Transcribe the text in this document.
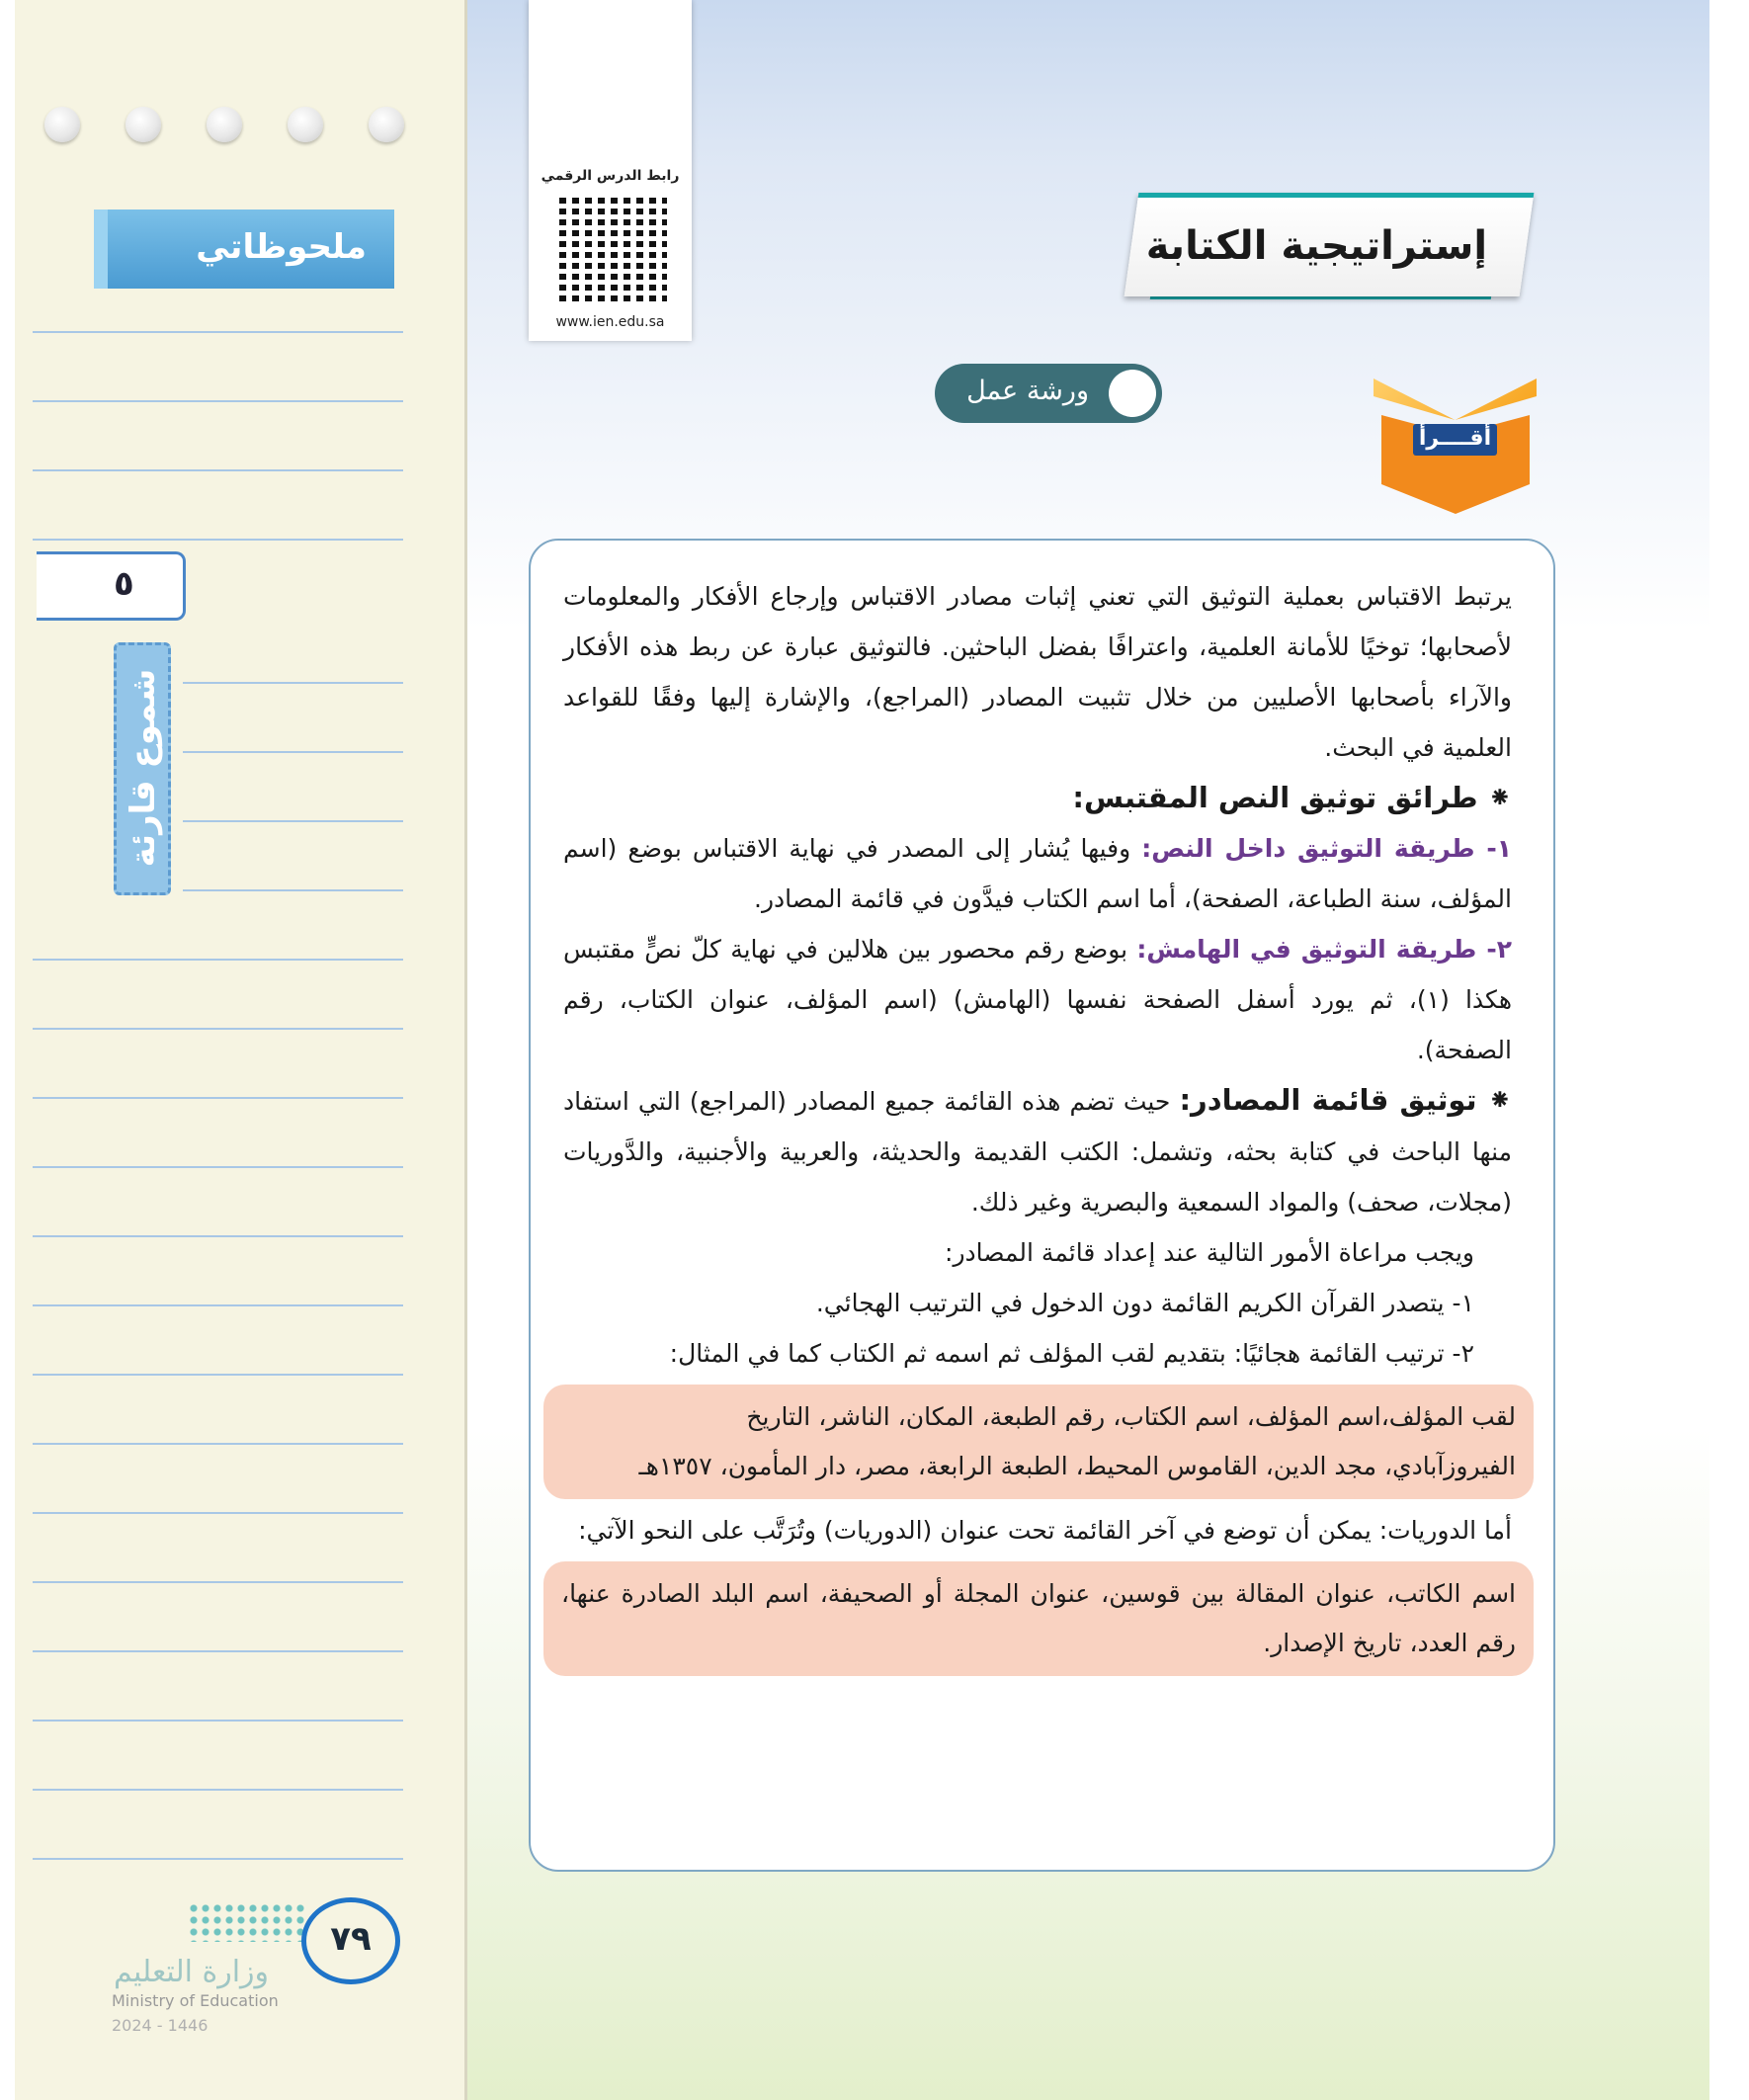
ملحوظاتي
٥
شموع قارئة
٧٩
وزارة التعليم
Ministry of Education
2024 - 1446
رابط الدرس الرقمي
www.ien.edu.sa
إستراتيجية الكتابة
ورشة عمل
أقــــرأ

يرتبط الاقتباس بعملية التوثيق التي تعني إثبات مصادر الاقتباس وإرجاع الأفكار والمعلومات لأصحابها؛ توخيًا للأمانة العلمية، واعترافًا بفضل الباحثين. فالتوثيق عبارة عن ربط هذه الأفكار والآراء بأصحابها الأصليين من خلال تثبيت المصادر (المراجع)، والإشارة إليها وفقًا للقواعد العلمية في البحث.

⁕ طرائق توثيق النص المقتبس:

١- طريقة التوثيق داخل النص: وفيها يُشار إلى المصدر في نهاية الاقتباس بوضع (اسم المؤلف، سنة الطباعة، الصفحة)، أما اسم الكتاب فيدَّون في قائمة المصادر.

٢- طريقة التوثيق في الهامش: بوضع رقم محصور بين هلالين في نهاية كلّ نصٍّ مقتبس هكذا (١)، ثم يورد أسفل الصفحة نفسها (الهامش) (اسم المؤلف، عنوان الكتاب، رقم الصفحة).

⁕ توثيق قائمة المصادر: حيث تضم هذه القائمة جميع المصادر (المراجع) التي استفاد منها الباحث في كتابة بحثه، وتشمل: الكتب القديمة والحديثة، والعربية والأجنبية، والدَّوريات (مجلات، صحف) والمواد السمعية والبصرية وغير ذلك.

ويجب مراعاة الأمور التالية عند إعداد قائمة المصادر:

١- يتصدر القرآن الكريم القائمة دون الدخول في الترتيب الهجائي.

٢- ترتيب القائمة هجائيًا: بتقديم لقب المؤلف ثم اسمه ثم الكتاب كما في المثال:

لقب المؤلف،اسم المؤلف، اسم الكتاب، رقم الطبعة، المكان، الناشر، التاريخ
الفيروزآبادي، مجد الدين، القاموس المحيط، الطبعة الرابعة، مصر، دار المأمون، ١٣٥٧هـ

أما الدوريات: يمكن أن توضع في آخر القائمة تحت عنوان (الدوريات) وتُرَتَّب على النحو الآتي:

اسم الكاتب، عنوان المقالة بين قوسين، عنوان المجلة أو الصحيفة، اسم البلد الصادرة عنها، رقم العدد، تاريخ الإصدار.
